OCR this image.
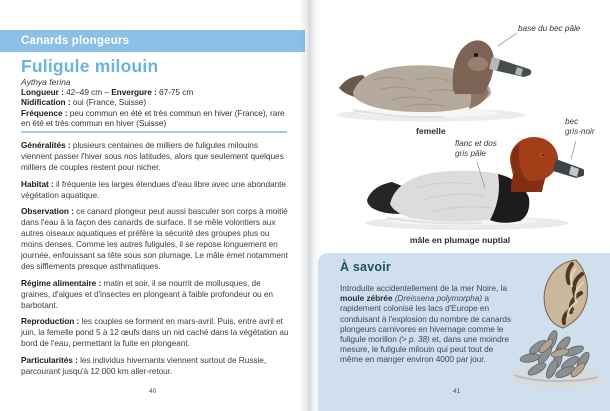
Canards plongeurs
Fuligule milouin
Aythya ferina
Longueur : 42–49 cm – Envergure : 67-75 cm
Nidification : oui (France, Suisse)
Fréquence : peu commun en été et très commun en hiver (France), rare en été et très commun en hiver (Suisse)

Généralités : plusieurs centaines de milliers de fuligules milouins viennent passer l'hiver sous nos latitudes, alors que seulement quelques milliers de couples restent pour nicher.

Habitat : il fréquente les larges étendues d'eau libre avec une abondante végétation aquatique.

Observation : ce canard plongeur peut aussi basculer son corps à moitié dans l'eau à la façon des canards de surface. Il se mêle volontiers aux autres oiseaux aquatiques et préfère la sécurité des groupes plus ou moins denses. Comme les autres fuligules, il se repose longuement en journée, enfouissant sa tête sous son plumage. Le mâle émet notamment des sifflements presque asthmatiques.

Régime alimentaire : matin et soir, il se nourrit de mollusques, de graines, d'algues et d'insectes en plongeant à faible profondeur ou en barbotant.

Reproduction : les couples se forment en mars-avril. Puis, entre avril et juin, la femelle pond 5 à 12 œufs dans un nid caché dans la végétation au bord de l'eau, permettant la fuite en plongeant.

Particularités : les individus hivernants viennent surtout de Russie, parcourant jusqu'à 12 000 km aller-retour.

40
base du bec pâle
femelle
flanc et dos
gris pâle
bec
gris-noir
mâle en plumage nuptial
À savoir
Introduite accidentellement de la mer Noire, la moule zébrée (Dreissena polymorpha) a rapidement colonisé les lacs d'Europe en conduisant à l'explosion du nombre de canards plongeurs carnivores en hivernage comme le fuligule morillon (> p. 38) et, dans une moindre mesure, le fuligule milouin qui peut tout de même en manger environ 4000 par jour.
41
